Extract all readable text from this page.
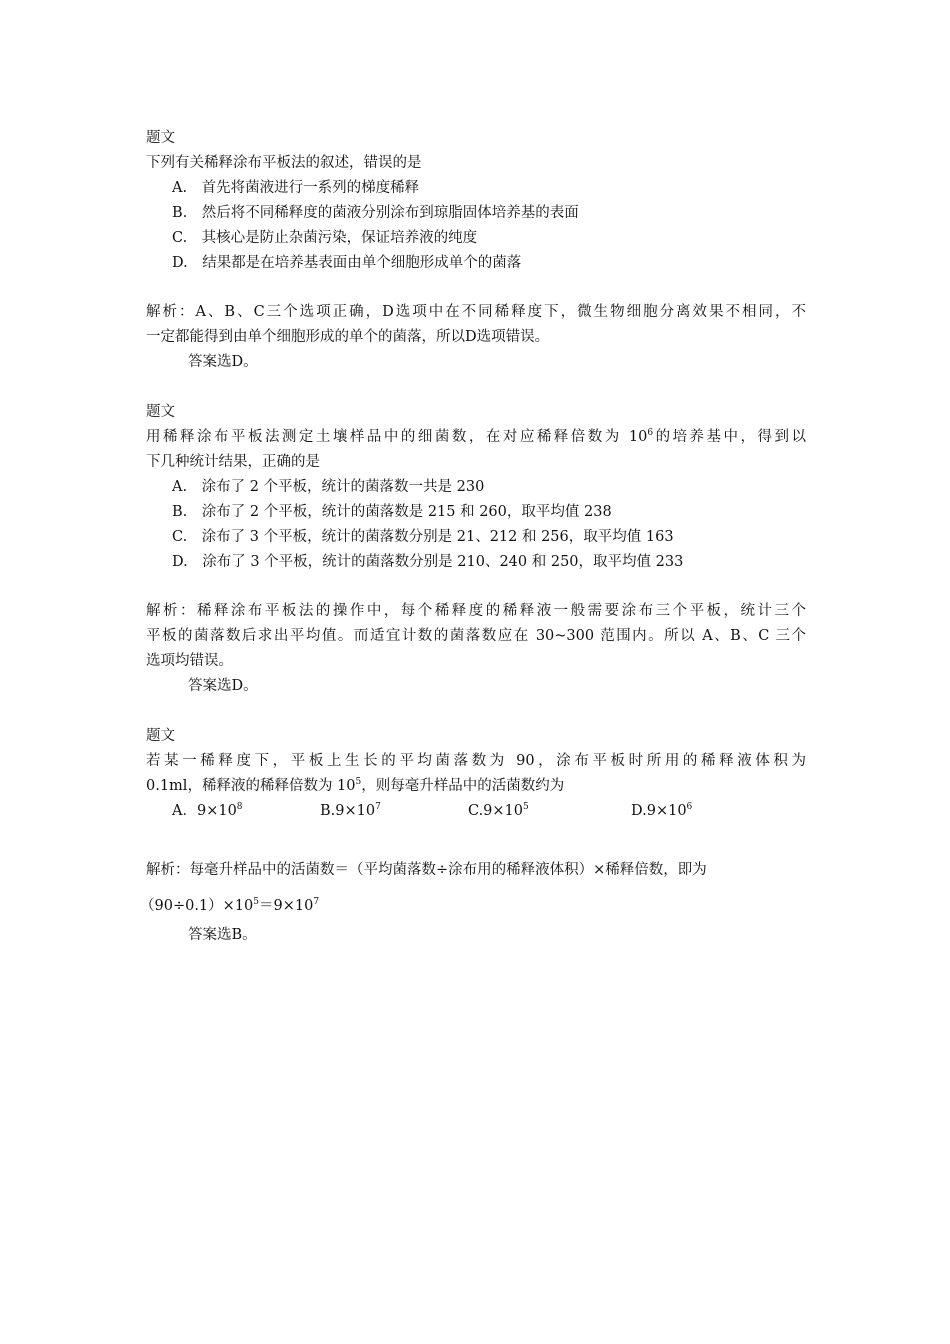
题文
下列有关稀释涂布平板法的叙述，错误的是
A.　首先将菌液进行一系列的梯度稀释
B.　然后将不同稀释度的菌液分别涂布到琼脂固体培养基的表面
C.　其核心是防止杂菌污染，保证培养液的纯度
D.　结果都是在培养基表面由单个细胞形成单个的菌落
解析：A、B、C三个选项正确，D选项中在不同稀释度下，微生物细胞分离效果不相同，不
一定都能得到由单个细胞形成的单个的菌落，所以D选项错误。
答案选D。
题文
用稀释涂布平板法测定土壤样品中的细菌数，在对应稀释倍数为 $10^6$的培养基中，得到以
下几种统计结果，正确的是
A.　涂布了 2 个平板，统计的菌落数一共是 230
B.　涂布了 2 个平板，统计的菌落数是 215 和 260，取平均值 238
C.　涂布了 3 个平板，统计的菌落数分别是 21、212 和 256，取平均值 163
D.　涂布了 3 个平板，统计的菌落数分别是 210、240 和 250，取平均值 233
解析：稀释涂布平板法的操作中，每个稀释度的稀释液一般需要涂布三个平板，统计三个
平板的菌落数后求出平均值。而适宜计数的菌落数应在 30~300 范围内。所以 A、B、C 三个
选项均错误。
答案选D。
题文
若某一稀释度下，平板上生长的平均菌落数为 90，涂布平板时所用的稀释液体积为
0.1ml，稀释液的稀释倍数为 $10^5$，则每毫升样品中的活菌数约为
A．$9\times 10^8$	$B.9\times 10^7$	$C.9\times 10^5$	$D.9\times 10^6$
解析：每毫升样品中的活菌数＝（平均菌落数÷涂布用的稀释液体积）×稀释倍数，即为
$(90\div 0.1)\times 10^5=9\times 10^7$
答案选B。
